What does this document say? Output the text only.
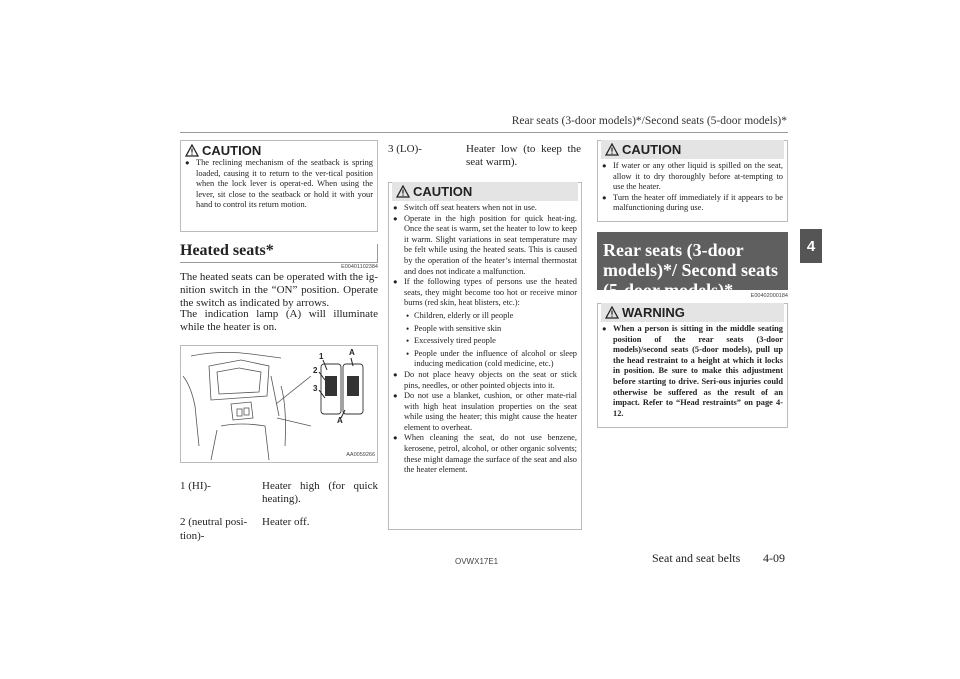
Rear seats (3-door models)*/Second seats (5-door models)*
4
CAUTION
● The reclining mechanism of the seatback is spring loaded, causing it to return to the ver-tical position when the lock lever is operat-ed. When using the lever, sit close to the seatback or hold it with your hand to control its return motion.
Heated seats*
E00401102384
The heated seats can be operated with the ig-nition switch in the “ON” position. Operate the switch as indicated by arrows.
The indication lamp (A) will illuminate while the heater is on.
1
2
3
A
A
AA0059266
1 (HI)-	Heater high (for quick heating).
2 (neutral posi-tion)-	Heater off.
3 (LO)-	Heater low (to keep the seat warm).
CAUTION
● Switch off seat heaters when not in use.
● Operate in the high position for quick heat-ing. Once the seat is warm, set the heater to low to keep it warm. Slight variations in seat temperature may be felt while using the heated seats. This is caused by the operation of the heater’s internal thermostat and does not indicate a malfunction.
● If the following types of persons use the heated seats, they might become too hot or receive minor burns (red skin, heat blisters, etc.):
• Children, elderly or ill people
• People with sensitive skin
• Excessively tired people
• People under the influence of alcohol or sleep inducing medication (cold medicine, etc.)
● Do not place heavy objects on the seat or stick pins, needles, or other pointed objects into it.
● Do not use a blanket, cushion, or other mate-rial with high heat insulation properties on the seat while using the heater; this might cause the heater element to overheat.
● When cleaning the seat, do not use benzene, kerosene, petrol, alcohol, or other organic solvents; these might damage the surface of the seat and also the heater element.
CAUTION
● If water or any other liquid is spilled on the seat, allow it to dry thoroughly before at-tempting to use the heater.
● Turn the heater off immediately if it appears to be malfunctioning during use.
Rear seats (3-door models)*/ Second seats (5-door models)*	E00402000184
WARNING
● When a person is sitting in the middle seating position of the rear seats (3-door models)/second seats (5-door models), pull up the head restraint to a height at which it locks in position. Be sure to make this adjustment before starting to drive. Seri-ous injuries could otherwise be suffered as the result of an impact. Refer to “Head restraints” on page 4-12.
OVWX17E1	Seat and seat belts 4-09
